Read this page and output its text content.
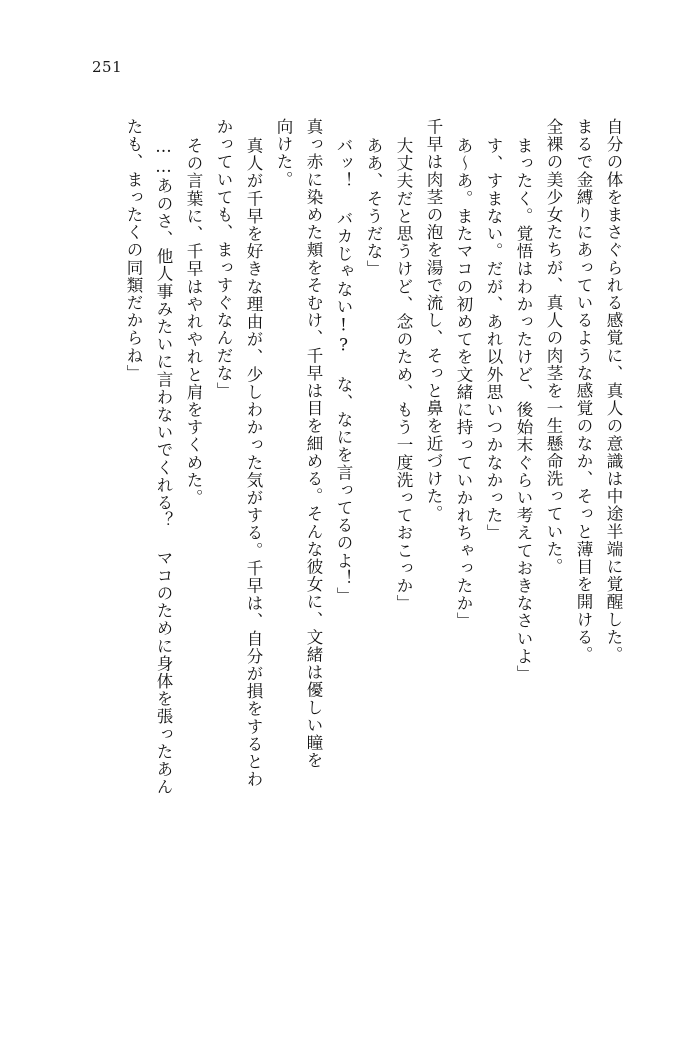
251
自分の体をまさぐられる感覚に、真人の意識は中途半端に覚醒した。
まるで金縛りにあっているような感覚のなか、そっと薄目を開ける。
全裸の美少女たちが、真人の肉茎を一生懸命洗っていた。
まったく。覚悟はわかったけど、後始末ぐらい考えておきなさいよ」
す、すまない。だが、あれ以外思いつかなかった」
あ〜あ。またマコの初めてを文緒に持っていかれちゃったか」
千早は肉茎の泡を湯で流し、そっと鼻を近づけた。
大丈夫だと思うけど、念のため、もう一度洗っておこっか」
ああ、そうだな」
バッ！ バカじゃない!? な、なにを言ってるのよ！」
真っ赤に染めた頬をそむけ、千早は目を細める。そんな彼女に、文緒は優しい瞳を
向けた。
真人が千早を好きな理由が、少しわかった気がする。千早は、自分が損をするとわ
かっていても、まっすぐなんだな」
その言葉に、千早はやれやれと肩をすくめた。
……あのさ、他人事みたいに言わないでくれる？ マコのために身体を張ったあん
たも、まったくの同類だからね」
